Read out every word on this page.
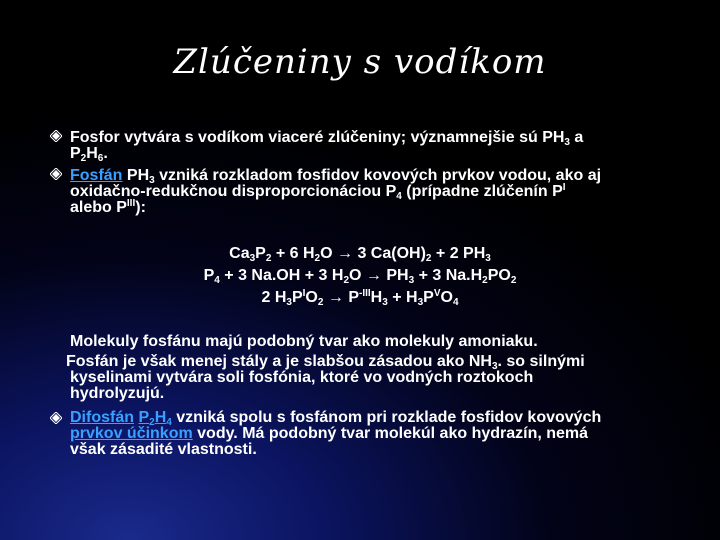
Zlúčeniny s vodíkom
Fosfor vytvára s vodíkom viaceré zlúčeniny; významnejšie sú $PH_3$ a
$P_2H_6$.
Fosfán $PH_3$ vzniká rozkladom fosfidov kovových prvkov vodou, ako aj
oxidačno-redukčnou disproporcionáciou $P_4$ (prípadne zlúčenín $P^I$
alebo $P^{III}$):
$Ca_3P_2 + 6$ $H_2O \to 3$ $Ca(OH)_2 + 2$ $PH_3$
$P_4 + 3$ Na.OH + 3 $H_2O \to PH_3 + 3$ $Na.H_2PO_2$
2 $H_3P^IO_2 \to P^{-III}H_3 + H_3P^VO_4$
Molekuly fosfánu majú podobný tvar ako molekuly amoniaku.
Fosfán je však menej stály a je slabšou zásadou ako $NH_3$. so silnými
kyselinami vytvára soli fosfónia, ktoré vo vodných roztokoch
hydrolyzujú.
Difosfán $P_2H_4$ vzniká spolu s fosfánom pri rozklade fosfidov kovových
prvkov účinkom vody. Má podobný tvar molekúl ako hydrazín, nemá
však zásadité vlastnosti.
